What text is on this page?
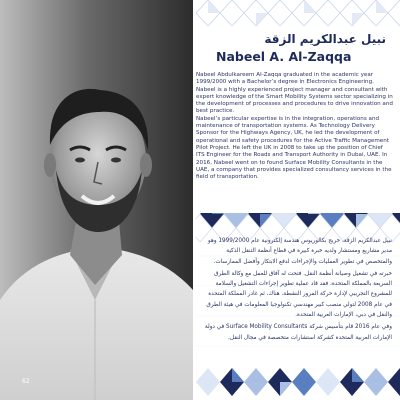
62
نبيل عبدالكريم الزقة
Nabeel A. Al-Zaqqa

Nabeel Abdulkareem Al-Zaqqa graduated in the academic year 1999/2000 with a Bachelor’s degree in Electronics Engineering. Nabeel is a highly experienced project manager and consultant with expert knowledge of the Smart Mobility Systems sector specializing in the development of processes and procedures to drive innovation and best practice.

Nabeel’s particular expertise is in the integration, operations and maintenance of transportation systems. As Technology Delivery Sponsor for the Highways Agency, UK, he led the development of operational and safety procedures for the Active Traffic Management Pilot Project. He left the UK in 2008 to take up the position of Chief ITS Engineer for the Roads and Transport Authority in Dubai, UAE. In 2016, Nabeel went on to found Surface Mobility Consultants in the UAE, a company that provides specialized consultancy services in the field of transportation.

نبيل عبدالكريم الزقة، خريج بكالوريوس هندسة إلكترونية عام 1999/2000 وهو مدير مشاريع ومستشار ولديه خبرة كبيرة في قطاع أنظمة التنقل الذكية والمتخصص في تطوير العمليات والإجراءات لدفع الابتكار وأفضل الممارسات.

خبرته في تشغيل وصيانة أنظمة النقل. فتحت له آفاق للعمل مع وكالة الطرق السريعة بالمملكة المتحدة، فقد قاد عملية تطوير إجراءات التشغيل والسلامة للمشروع التجريبي لإدارة حركة المرور النشطة. هناك، ثم غادر المملكة المتحدة في عام 2008 لتولي منصب كبير مهندسي تكنولوجيا المعلومات في هيئة الطرق والنقل في دبي، الإمارات العربية المتحدة.

وفي عام 2016 قام بتأسيس شركة Surface Mobility Consultants في دولة الإمارات العربية المتحدة كشركة استشارات متخصصة في مجال النقل.
